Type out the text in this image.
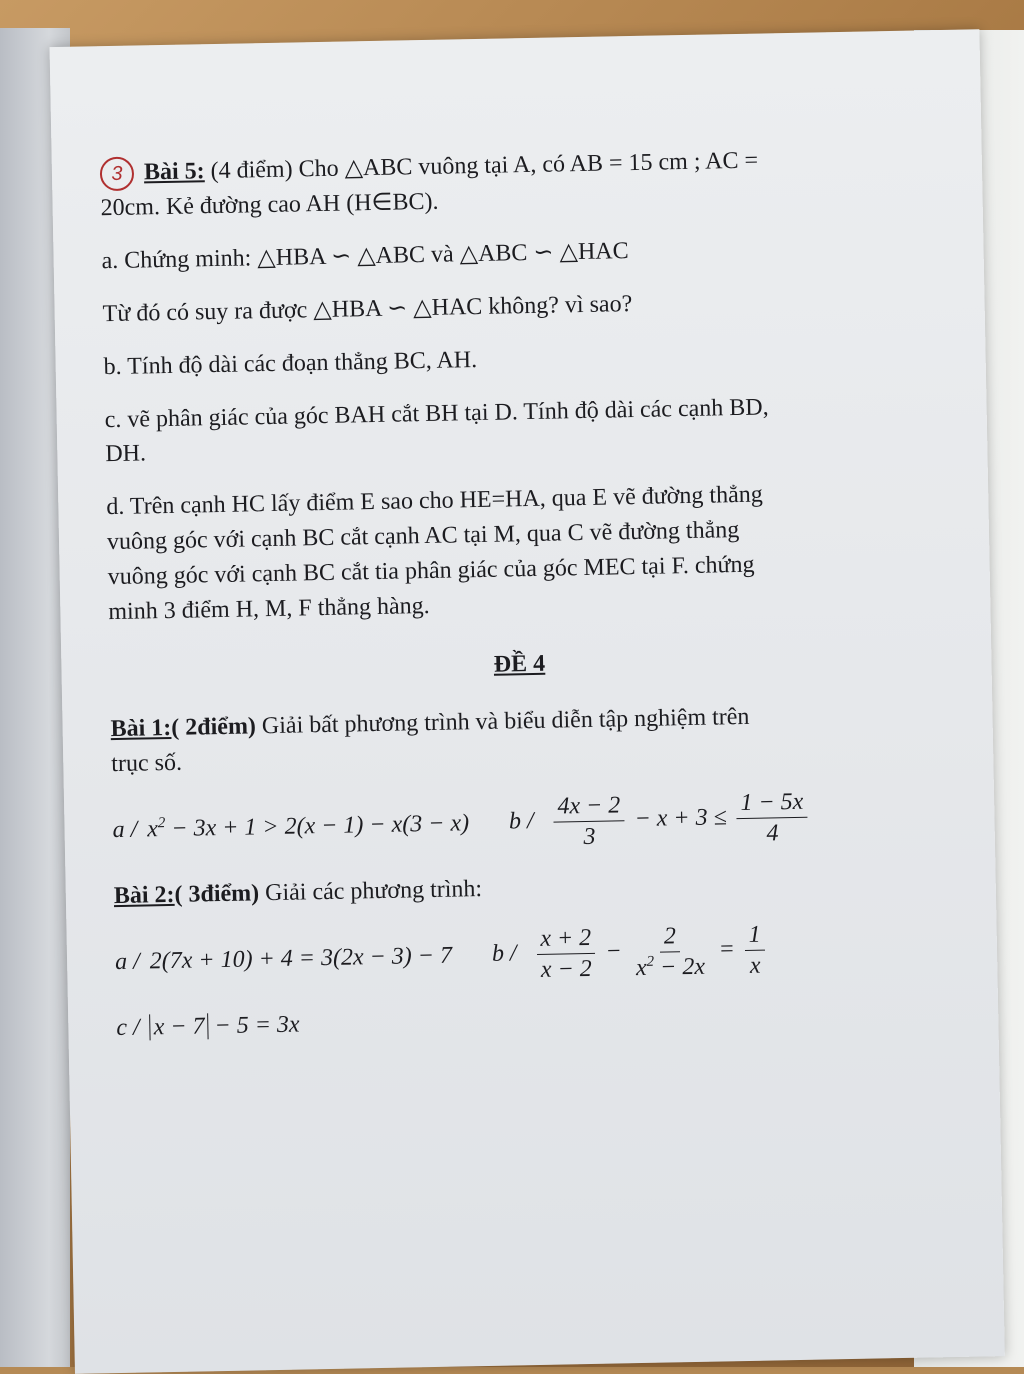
3 Bài 5: (4 điểm) Cho △ABC vuông tại A, có AB = 15 cm ; AC =
20cm. Kẻ đường cao AH (H∈BC).
a. Chứng minh: △HBA ∽ △ABC và △ABC ∽ △HAC
Từ đó có suy ra được △HBA ∽ △HAC không? vì sao?
b. Tính độ dài các đoạn thẳng BC, AH.
c. vẽ phân giác của góc BAH cắt BH tại D. Tính độ dài các cạnh BD,
DH.
d. Trên cạnh HC lấy điểm E sao cho HE=HA, qua E vẽ đường thẳng
vuông góc với cạnh BC cắt cạnh AC tại M, qua C vẽ đường thẳng
vuông góc với cạnh BC cắt tia phân giác của góc MEC tại F. chứng
minh 3 điểm H, M, F thẳng hàng.
ĐỀ 4
Bài 1:( 2điểm) Giải bất phương trình và biểu diễn tập nghiệm trên
trục số.
$a / x^2 - 3x + 1 > 2(x - 1) - x(3 - x)$ $b / \frac{4x - 2}{3} - x + 3 \le \frac{1 - 5x}{4}$
Bài 2:( 3điểm) Giải các phương trình:
a / 2(7x + 10) + 4 = 3(2x − 3) − 7 $b / \frac{x + 2}{x - 2} - \frac{2}{x^2 - 2x} = \frac{1}{x}$
c / x − 7 − 5 = 3x
